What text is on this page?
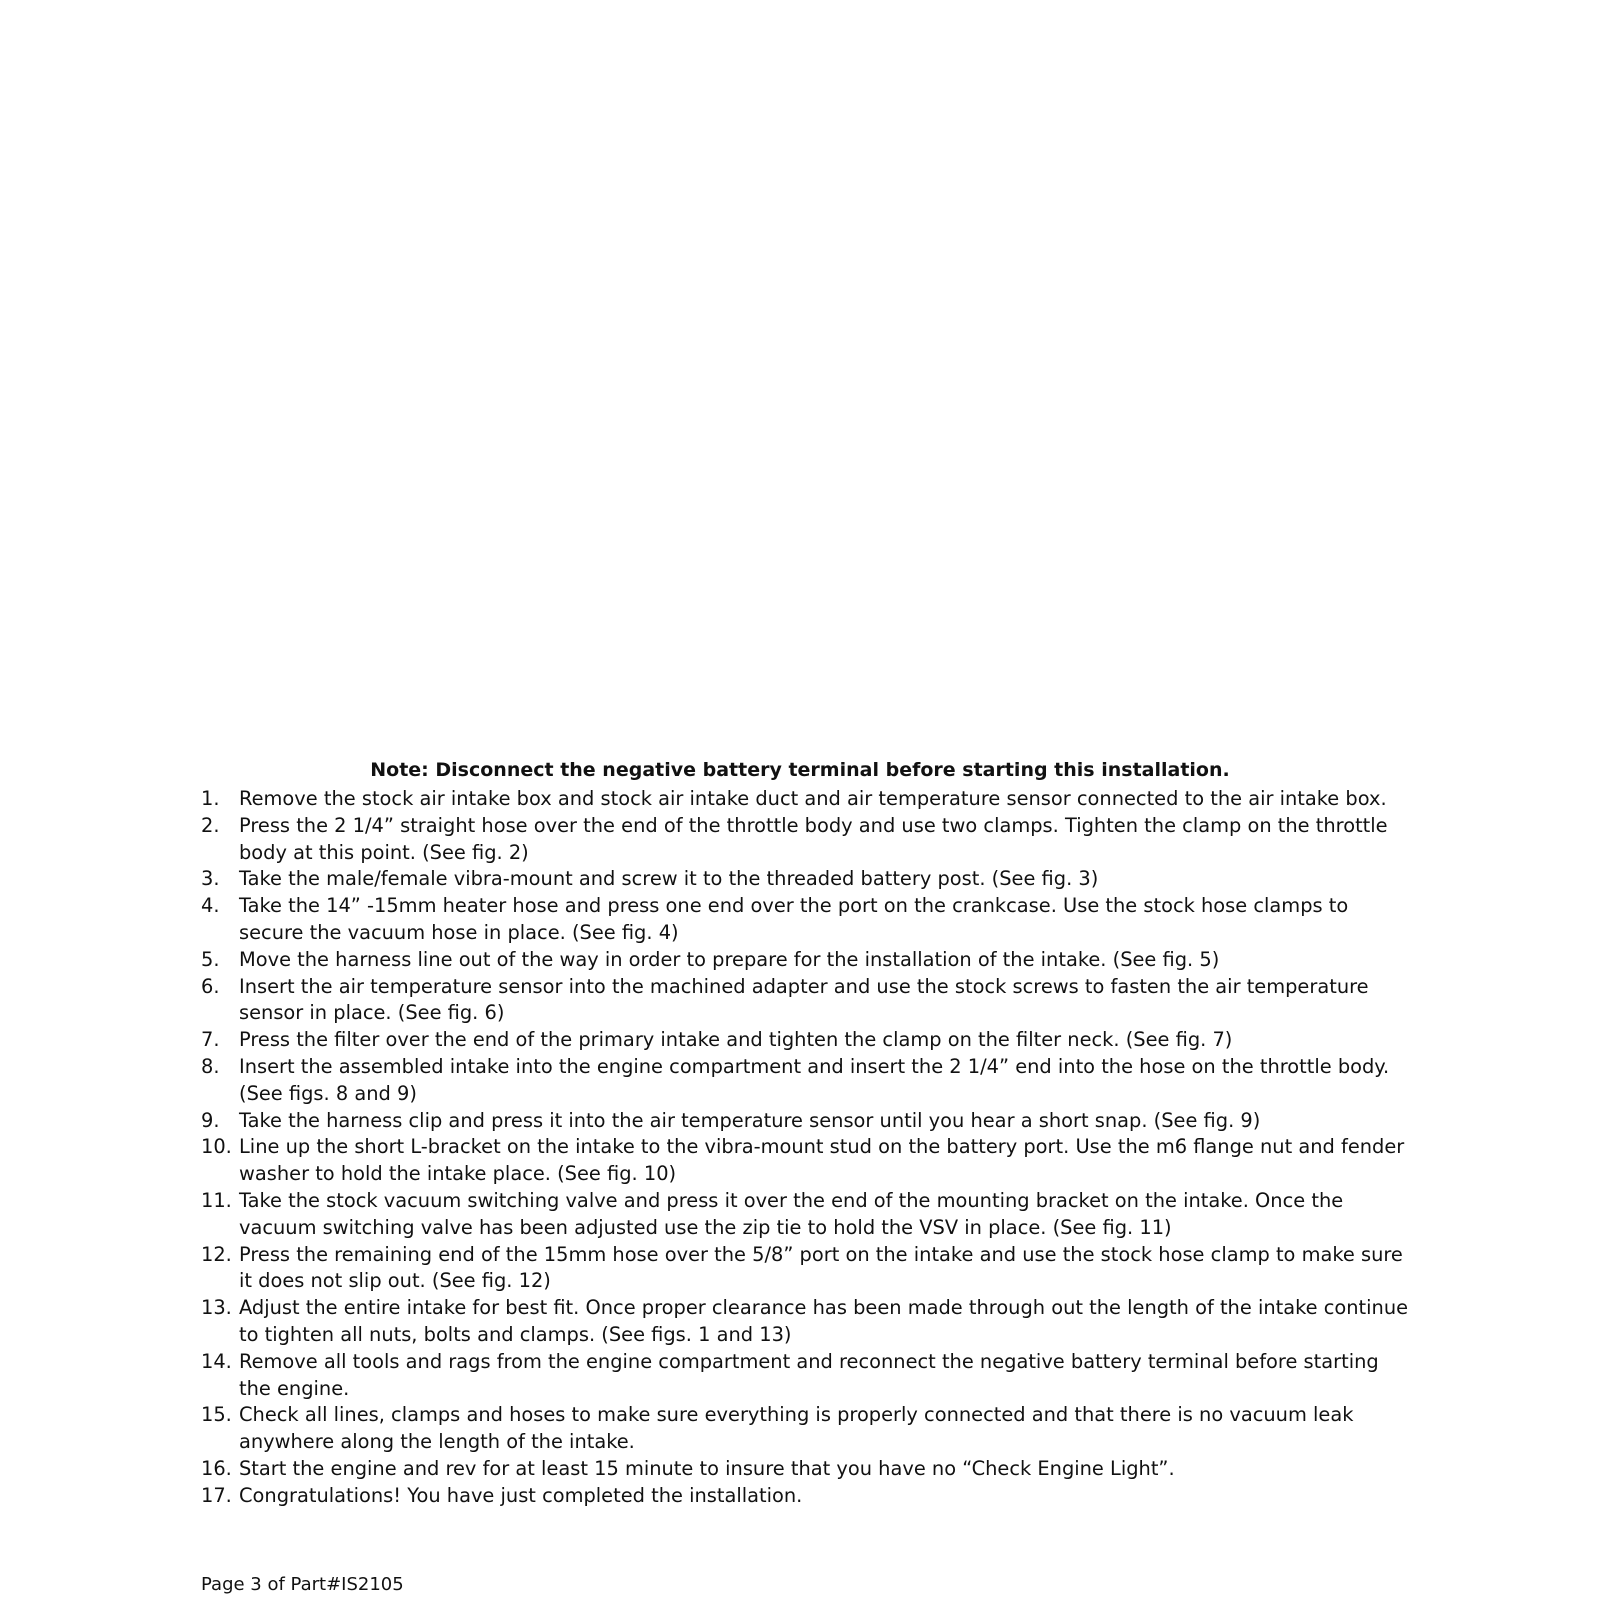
Note: Disconnect the negative battery terminal before starting this installation.
1. Remove the stock air intake box and stock air intake duct and air temperature sensor connected to the air intake box.
2. Press the 2 1/4” straight hose over the end of the throttle body and use two clamps. Tighten the clamp on the throttle body at this point. (See fig. 2)
3. Take the male/female vibra-mount and screw it to the threaded battery post. (See fig. 3)
4. Take the 14” -15mm heater hose and press one end over the port on the crankcase. Use the stock hose clamps to secure the vacuum hose in place. (See fig. 4)
5. Move the harness line out of the way in order to prepare for the installation of the intake. (See fig. 5)
6. Insert the air temperature sensor into the machined adapter and use the stock screws to fasten the air temperature sensor in place. (See fig. 6)
7. Press the filter over the end of the primary intake and tighten the clamp on the filter neck. (See fig. 7)
8. Insert the assembled intake into the engine compartment and insert the 2 1/4” end into the hose on the throttle body. (See figs. 8 and 9)
9. Take the harness clip and press it into the air temperature sensor until you hear a short snap. (See fig. 9)
10. Line up the short L-bracket on the intake to the vibra-mount stud on the battery port. Use the m6 flange nut and fender washer to hold the intake place. (See fig. 10)
11. Take the stock vacuum switching valve and press it over the end of the mounting bracket on the intake. Once the vacuum switching valve has been adjusted use the zip tie to hold the VSV in place. (See fig. 11)
12. Press the remaining end of the 15mm hose over the 5/8” port on the intake and use the stock hose clamp to make sure it does not slip out. (See fig. 12)
13. Adjust the entire intake for best fit. Once proper clearance has been made through out the length of the intake continue to tighten all nuts, bolts and clamps. (See figs. 1 and 13)
14. Remove all tools and rags from the engine compartment and reconnect the negative battery terminal before starting the engine.
15. Check all lines, clamps and hoses to make sure everything is properly connected and that there is no vacuum leak anywhere along the length of the intake.
16. Start the engine and rev for at least 15 minute to insure that you have no “Check Engine Light”.
17. Congratulations! You have just completed the installation.
Page 3 of Part#IS2105
